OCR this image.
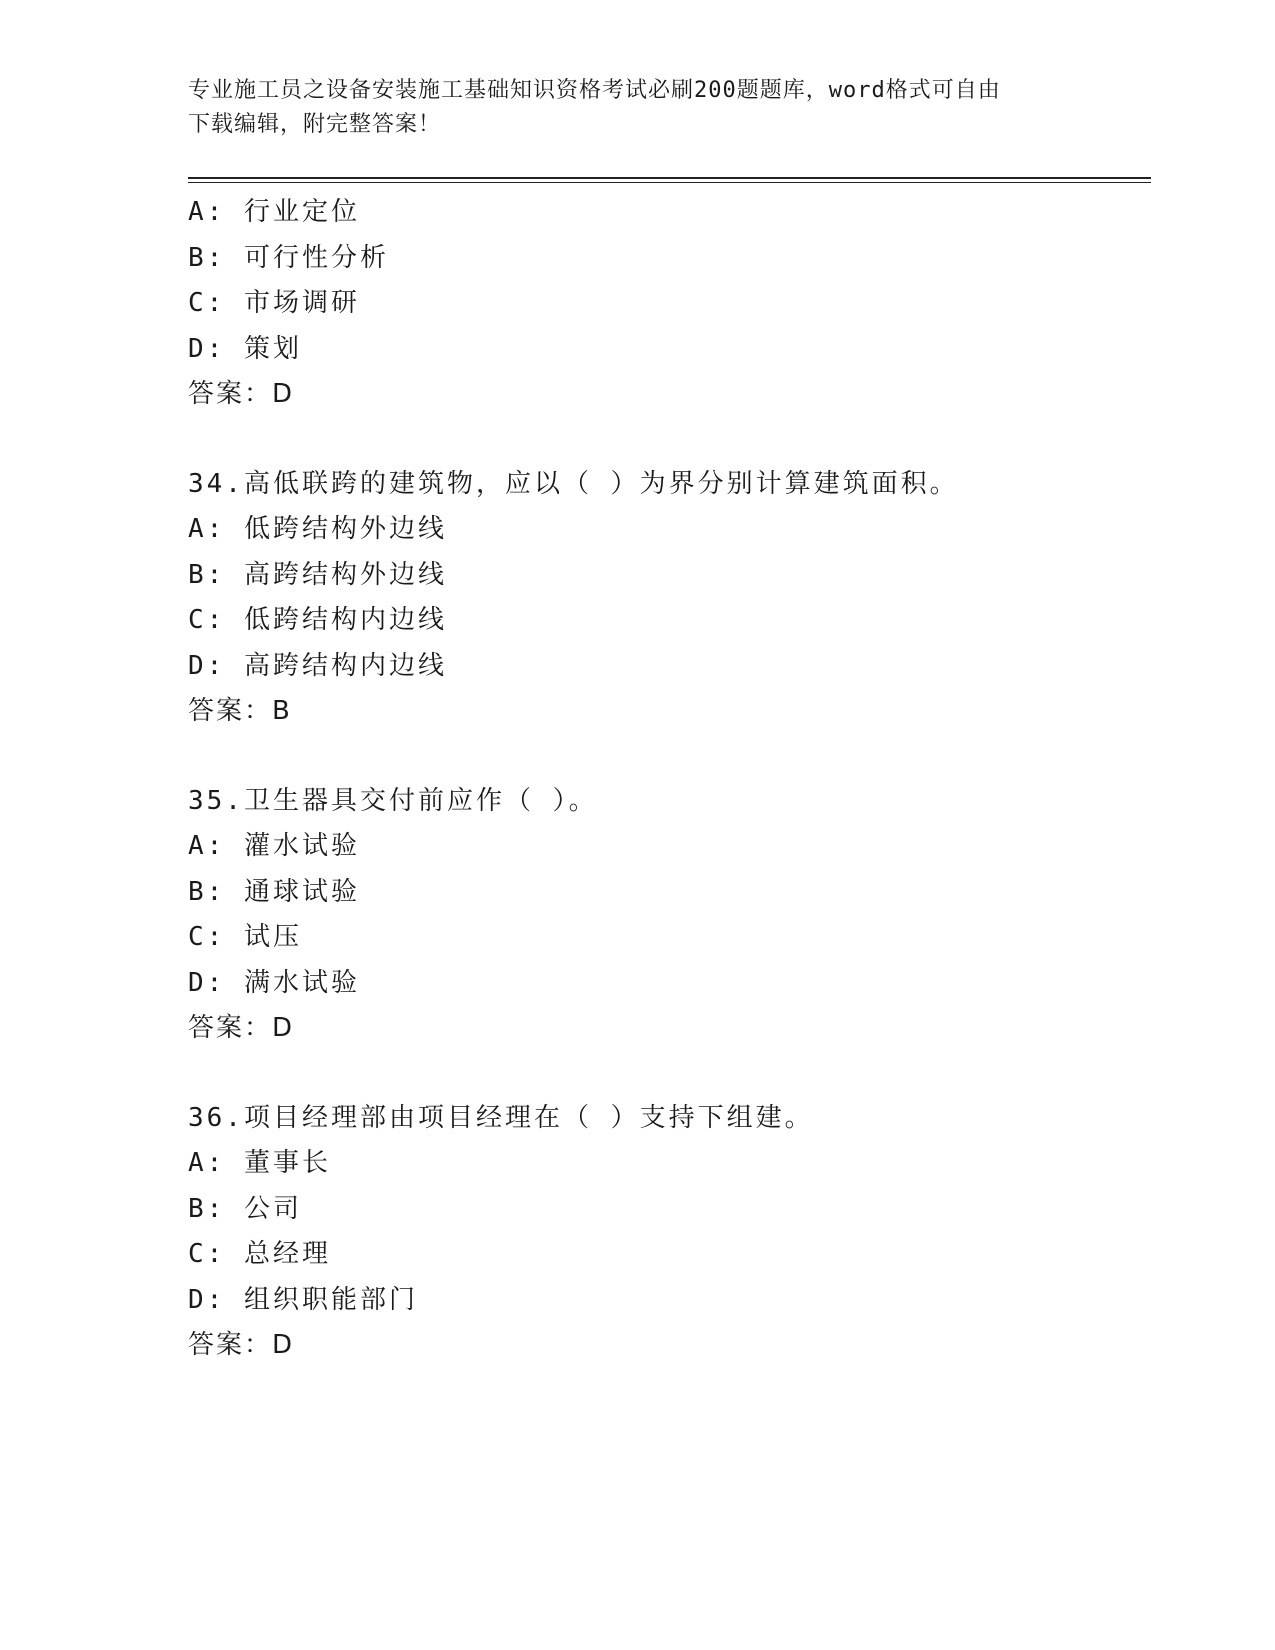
专业施工员之设备安装施工基础知识资格考试必刷200题题库，word格式可自由
下载编辑，附完整答案！
A: 行业定位
B: 可行性分析
C: 市场调研
D: 策划
答案：D
34.高低联跨的建筑物，应以（ ）为界分别计算建筑面积。
A: 低跨结构外边线
B: 高跨结构外边线
C: 低跨结构内边线
D: 高跨结构内边线
答案：B
35.卫生器具交付前应作（ ）。
A: 灌水试验
B: 通球试验
C: 试压
D: 满水试验
答案：D
36.项目经理部由项目经理在（ ）支持下组建。
A: 董事长
B: 公司
C: 总经理
D: 组织职能部门
答案：D
